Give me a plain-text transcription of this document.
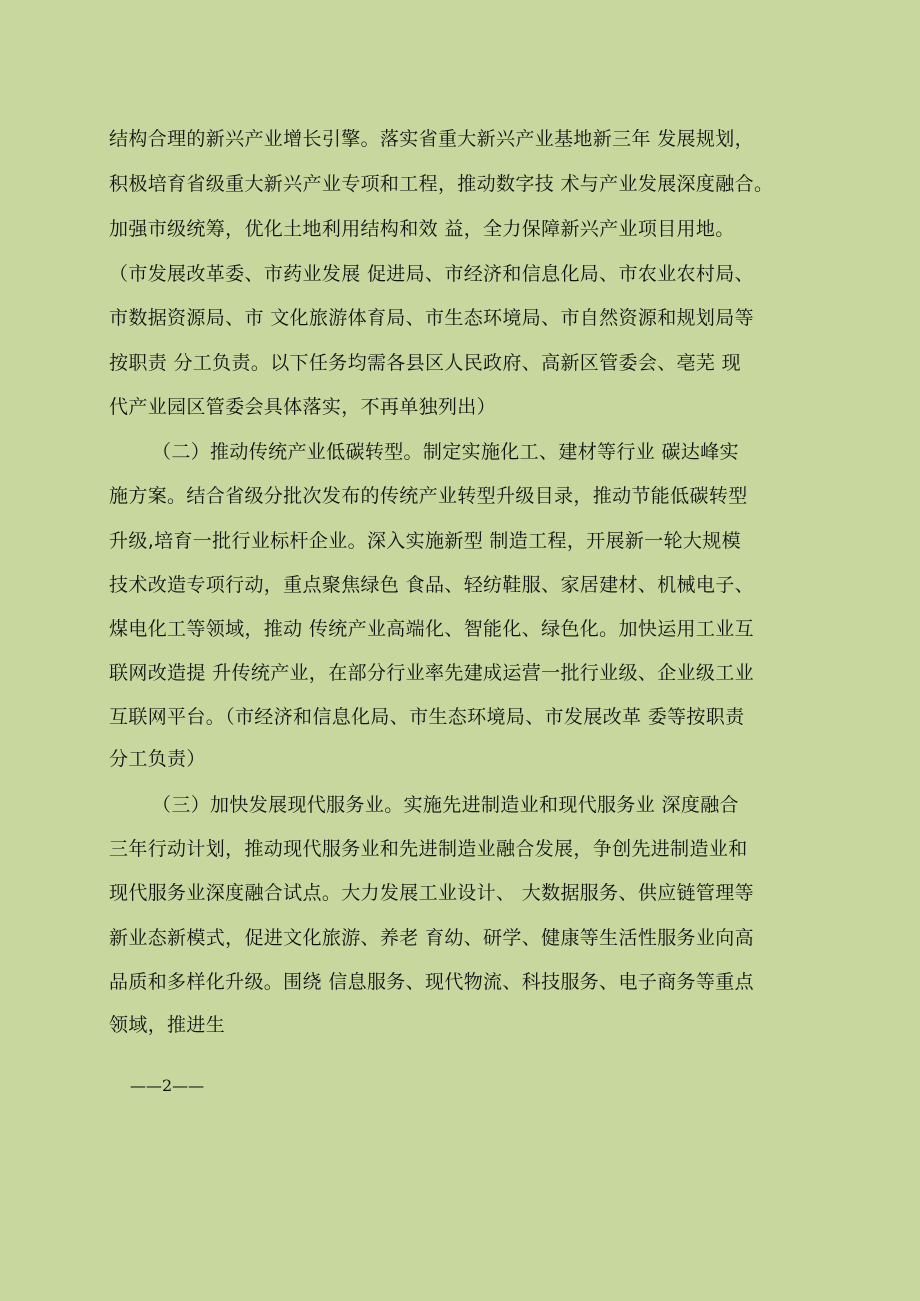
结构合理的新兴产业增长引擎。落实省重大新兴产业基地新三年 发展规划，
积极培育省级重大新兴产业专项和工程，推动数字技 术与产业发展深度融合。
加强市级统筹，优化土地利用结构和效 益，全力保障新兴产业项目用地。
（市发展改革委、市药业发展 促进局、市经济和信息化局、市农业农村局、
市数据资源局、市 文化旅游体育局、市生态环境局、市自然资源和规划局等
按职责 分工负责。以下任务均需各县区人民政府、高新区管委会、亳芜 现
代产业园区管委会具体落实，不再单独列出）
（二）推动传统产业低碳转型。制定实施化工、建材等行业 碳达峰实
施方案。结合省级分批次发布的传统产业转型升级目录，推动节能低碳转型
升级,培育一批行业标杆企业。深入实施新型 制造工程，开展新一轮大规模
技术改造专项行动，重点聚焦绿色 食品、轻纺鞋服、家居建材、机械电子、
煤电化工等领域，推动 传统产业高端化、智能化、绿色化。加快运用工业互
联网改造提 升传统产业，在部分行业率先建成运营一批行业级、企业级工业
互联网平台。（市经济和信息化局、市生态环境局、市发展改革 委等按职责
分工负责）
（三）加快发展现代服务业。实施先进制造业和现代服务业 深度融合
三年行动计划，推动现代服务业和先进制造业融合发展，争创先进制造业和
现代服务业深度融合试点。大力发展工业设计、 大数据服务、供应链管理等
新业态新模式，促进文化旅游、养老 育幼、研学、健康等生活性服务业向高
品质和多样化升级。围绕 信息服务、现代物流、科技服务、电子商务等重点
领域，推进生
——2——
